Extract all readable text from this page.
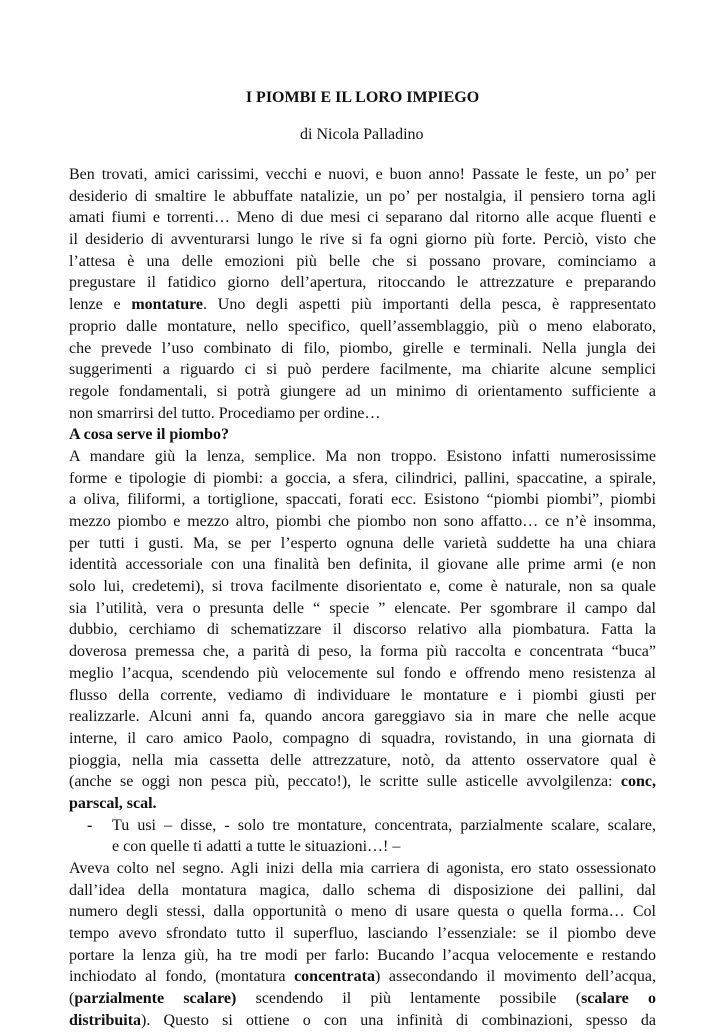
I PIOMBI E IL LORO IMPIEGO
di Nicola Palladino
Ben trovati, amici carissimi, vecchi e nuovi, e buon anno! Passate le feste, un po’ per
desiderio di smaltire le abbuffate natalizie, un po’ per nostalgia, il pensiero torna agli
amati fiumi e torrenti… Meno di due mesi ci separano dal ritorno alle acque fluenti e
il desiderio di avventurarsi lungo le rive si fa ogni giorno più forte. Perciò, visto che
l’attesa è una delle emozioni più belle che si possano provare, cominciamo a
pregustare il fatidico giorno dell’apertura, ritoccando le attrezzature e preparando
lenze e montature. Uno degli aspetti più importanti della pesca, è rappresentato
proprio dalle montature, nello specifico, quell’assemblaggio, più o meno elaborato,
che prevede l’uso combinato di filo, piombo, girelle e terminali. Nella jungla dei
suggerimenti a riguardo ci si può perdere facilmente, ma chiarite alcune semplici
regole fondamentali, si potrà giungere ad un minimo di orientamento sufficiente a
non smarrirsi del tutto. Procediamo per ordine…
A cosa serve il piombo?
A mandare giù la lenza, semplice. Ma non troppo. Esistono infatti numerosissime
forme e tipologie di piombi: a goccia, a sfera, cilindrici, pallini, spaccatine, a spirale,
a oliva, filiformi, a tortiglione, spaccati, forati ecc. Esistono “piombi piombi”, piombi
mezzo piombo e mezzo altro, piombi che piombo non sono affatto… ce n’è insomma,
per tutti i gusti. Ma, se per l’esperto ognuna delle varietà suddette ha una chiara
identità accessoriale con una finalità ben definita, il giovane alle prime armi (e non
solo lui, credetemi), si trova facilmente disorientato e, come è naturale, non sa quale
sia l’utilità, vera o presunta delle “ specie ” elencate. Per sgombrare il campo dal
dubbio, cerchiamo di schematizzare il discorso relativo alla piombatura. Fatta la
doverosa premessa che, a parità di peso, la forma più raccolta e concentrata “buca”
meglio l’acqua, scendendo più velocemente sul fondo e offrendo meno resistenza al
flusso della corrente, vediamo di individuare le montature e i piombi giusti per
realizzarle. Alcuni anni fa, quando ancora gareggiavo sia in mare che nelle acque
interne, il caro amico Paolo, compagno di squadra, rovistando, in una giornata di
pioggia, nella mia cassetta delle attrezzature, notò, da attento osservatore qual è
(anche se oggi non pesca più, peccato!), le scritte sulle asticelle avvolgilenza: conc,
parscal, scal.
- Tu usi – disse, - solo tre montature, concentrata, parzialmente scalare, scalare,
e con quelle ti adatti a tutte le situazioni…! –
Aveva colto nel segno. Agli inizi della mia carriera di agonista, ero stato ossessionato
dall’idea della montatura magica, dallo schema di disposizione dei pallini, dal
numero degli stessi, dalla opportunità o meno di usare questa o quella forma… Col
tempo avevo sfrondato tutto il superfluo, lasciando l’essenziale: se il piombo deve
portare la lenza giù, ha tre modi per farlo: Bucando l’acqua velocemente e restando
inchiodato al fondo, (montatura concentrata) assecondando il movimento dell’acqua,
(parzialmente scalare) scendendo il più lentamente possibile (scalare o
distribuita). Questo si ottiene o con una infinità di combinazioni, spesso da
